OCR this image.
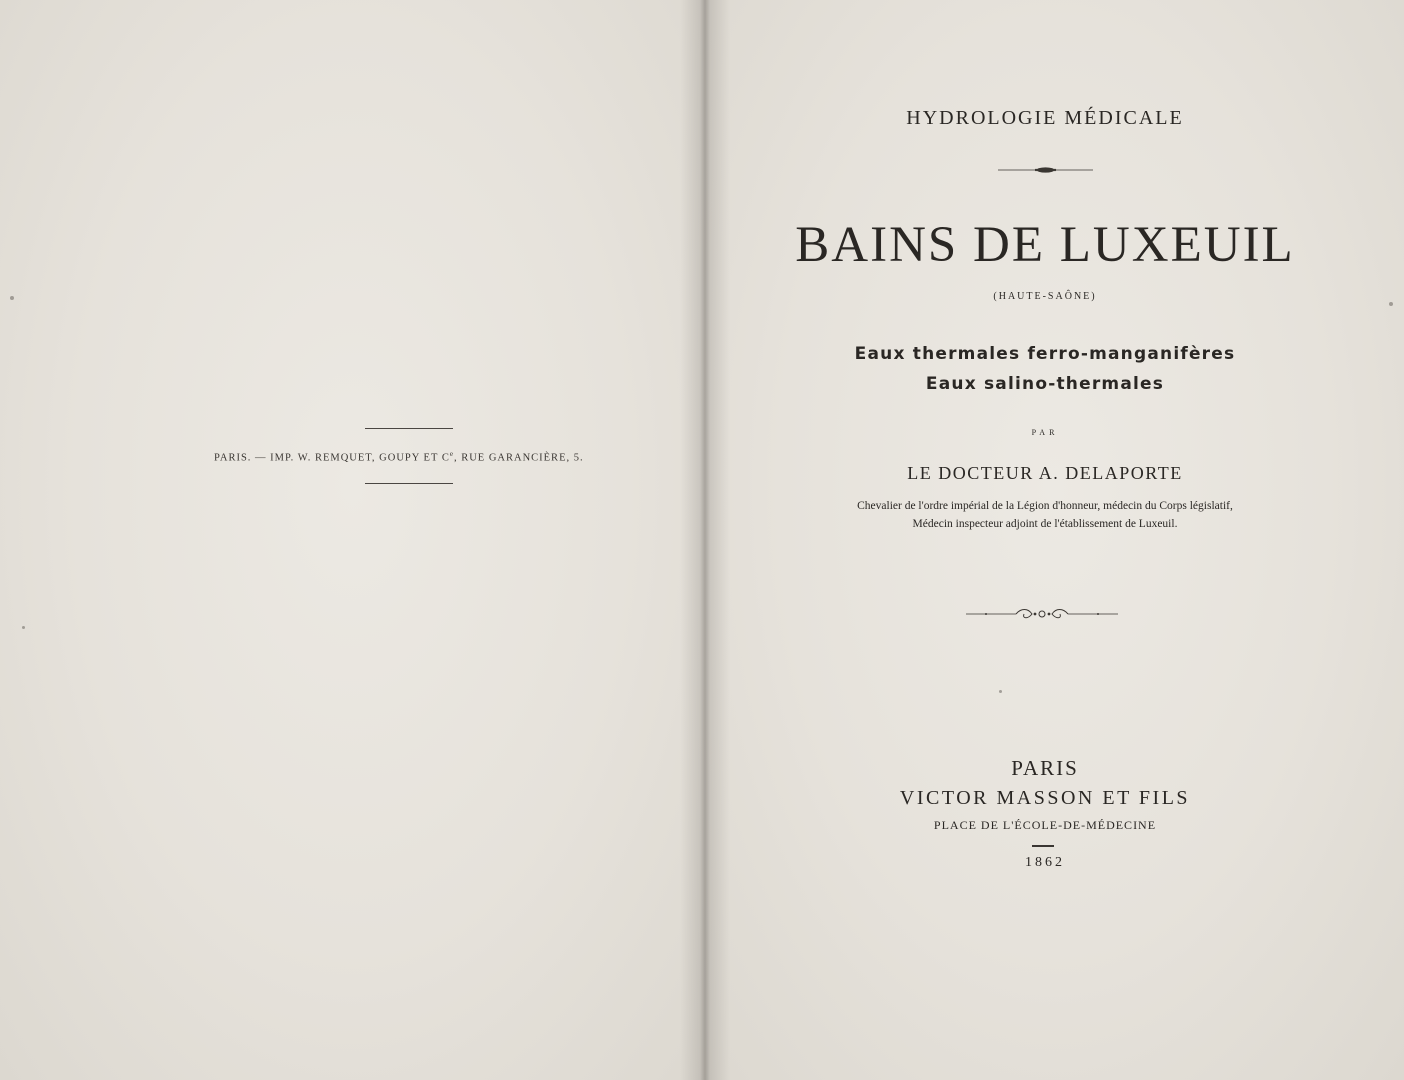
PARIS. — IMP. W. REMQUET, GOUPY ET Ce, RUE GARANCIÈRE, 5.
HYDROLOGIE MÉDICALE
BAINS DE LUXEUIL
(HAUTE-SAÔNE)
Eaux thermales ferro-manganifères
Eaux salino-thermales
PAR
LE DOCTEUR A. DELAPORTE
Chevalier de l'ordre impérial de la Légion d'honneur, médecin du Corps législatif,
Médecin inspecteur adjoint de l'établissement de Luxeuil.
PARIS
VICTOR MASSON ET FILS
PLACE DE L'ÉCOLE-DE-MÉDECINE
1862
